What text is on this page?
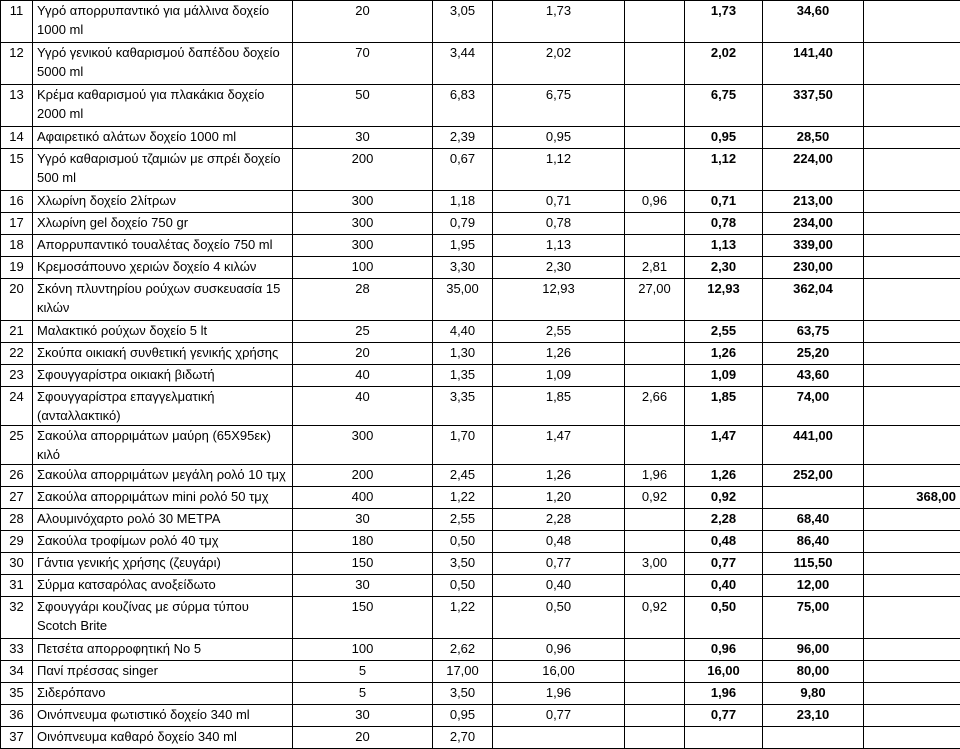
11	Υγρό απορρυπαντικό για μάλλινα δοχείο 1000 ml	20	3,05	1,73		1,73	34,60	
12	Υγρό γενικού καθαρισμού δαπέδου δοχείο 5000 ml	70	3,44	2,02		2,02	141,40	
13	Κρέμα καθαρισμού για πλακάκια δοχείο 2000 ml	50	6,83	6,75		6,75	337,50	
14	Αφαιρετικό αλάτων δοχείο 1000 ml	30	2,39	0,95		0,95	28,50	
15	Υγρό καθαρισμού τζαμιών με σπρέι δοχείο 500 ml	200	0,67	1,12		1,12	224,00	
16	Χλωρίνη δοχείο 2λίτρων	300	1,18	0,71	0,96	0,71	213,00	
17	Χλωρίνη gel δοχείο 750 gr	300	0,79	0,78		0,78	234,00	
18	Απορρυπαντικό τουαλέτας δοχείο 750 ml	300	1,95	1,13		1,13	339,00	
19	Κρεμοσάπουνο χεριών δοχείο 4 κιλών	100	3,30	2,30	2,81	2,30	230,00	
20	Σκόνη πλυντηρίου ρούχων συσκευασία 15 κιλών	28	35,00	12,93	27,00	12,93	362,04	
21	Μαλακτικό ρούχων δοχείο 5 lt	25	4,40	2,55		2,55	63,75	
22	Σκούπα οικιακή συνθετική γενικής χρήσης	20	1,30	1,26		1,26	25,20	
23	Σφουγγαρίστρα οικιακή βιδωτή	40	1,35	1,09		1,09	43,60	
24	Σφουγγαρίστρα επαγγελματική (ανταλλακτικό)	40	3,35	1,85	2,66	1,85	74,00	
25	Σακούλα απορριμάτων μαύρη (65Χ95εκ) κιλό	300	1,70	1,47		1,47	441,00	
26	Σακούλα απορριμάτων μεγάλη ρολό 10 τμχ	200	2,45	1,26	1,96	1,26	252,00	
27	Σακούλα απορριμάτων mini ρολό 50 τμχ	400	1,22	1,20	0,92	0,92		368,00
28	Αλουμινόχαρτο ρολό 30 ΜΕΤΡΑ	30	2,55	2,28		2,28	68,40	
29	Σακούλα τροφίμων ρολό 40 τμχ	180	0,50	0,48		0,48	86,40	
30	Γάντια γενικής χρήσης (ζευγάρι)	150	3,50	0,77	3,00	0,77	115,50	
31	Σύρμα κατσαρόλας ανοξείδωτο	30	0,50	0,40		0,40	12,00	
32	Σφουγγάρι κουζίνας με σύρμα τύπου Scotch Brite	150	1,22	0,50	0,92	0,50	75,00	
33	Πετσέτα απορροφητική Νο 5	100	2,62	0,96		0,96	96,00	
34	Πανί πρέσσας singer	5	17,00	16,00		16,00	80,00	
35	Σιδερόπανο	5	3,50	1,96		1,96	9,80	
36	Οινόπνευμα φωτιστικό δοχείο 340 ml	30	0,95	0,77		0,77	23,10	
37	Οινόπνευμα καθαρό δοχείο 340 ml	20	2,70					
